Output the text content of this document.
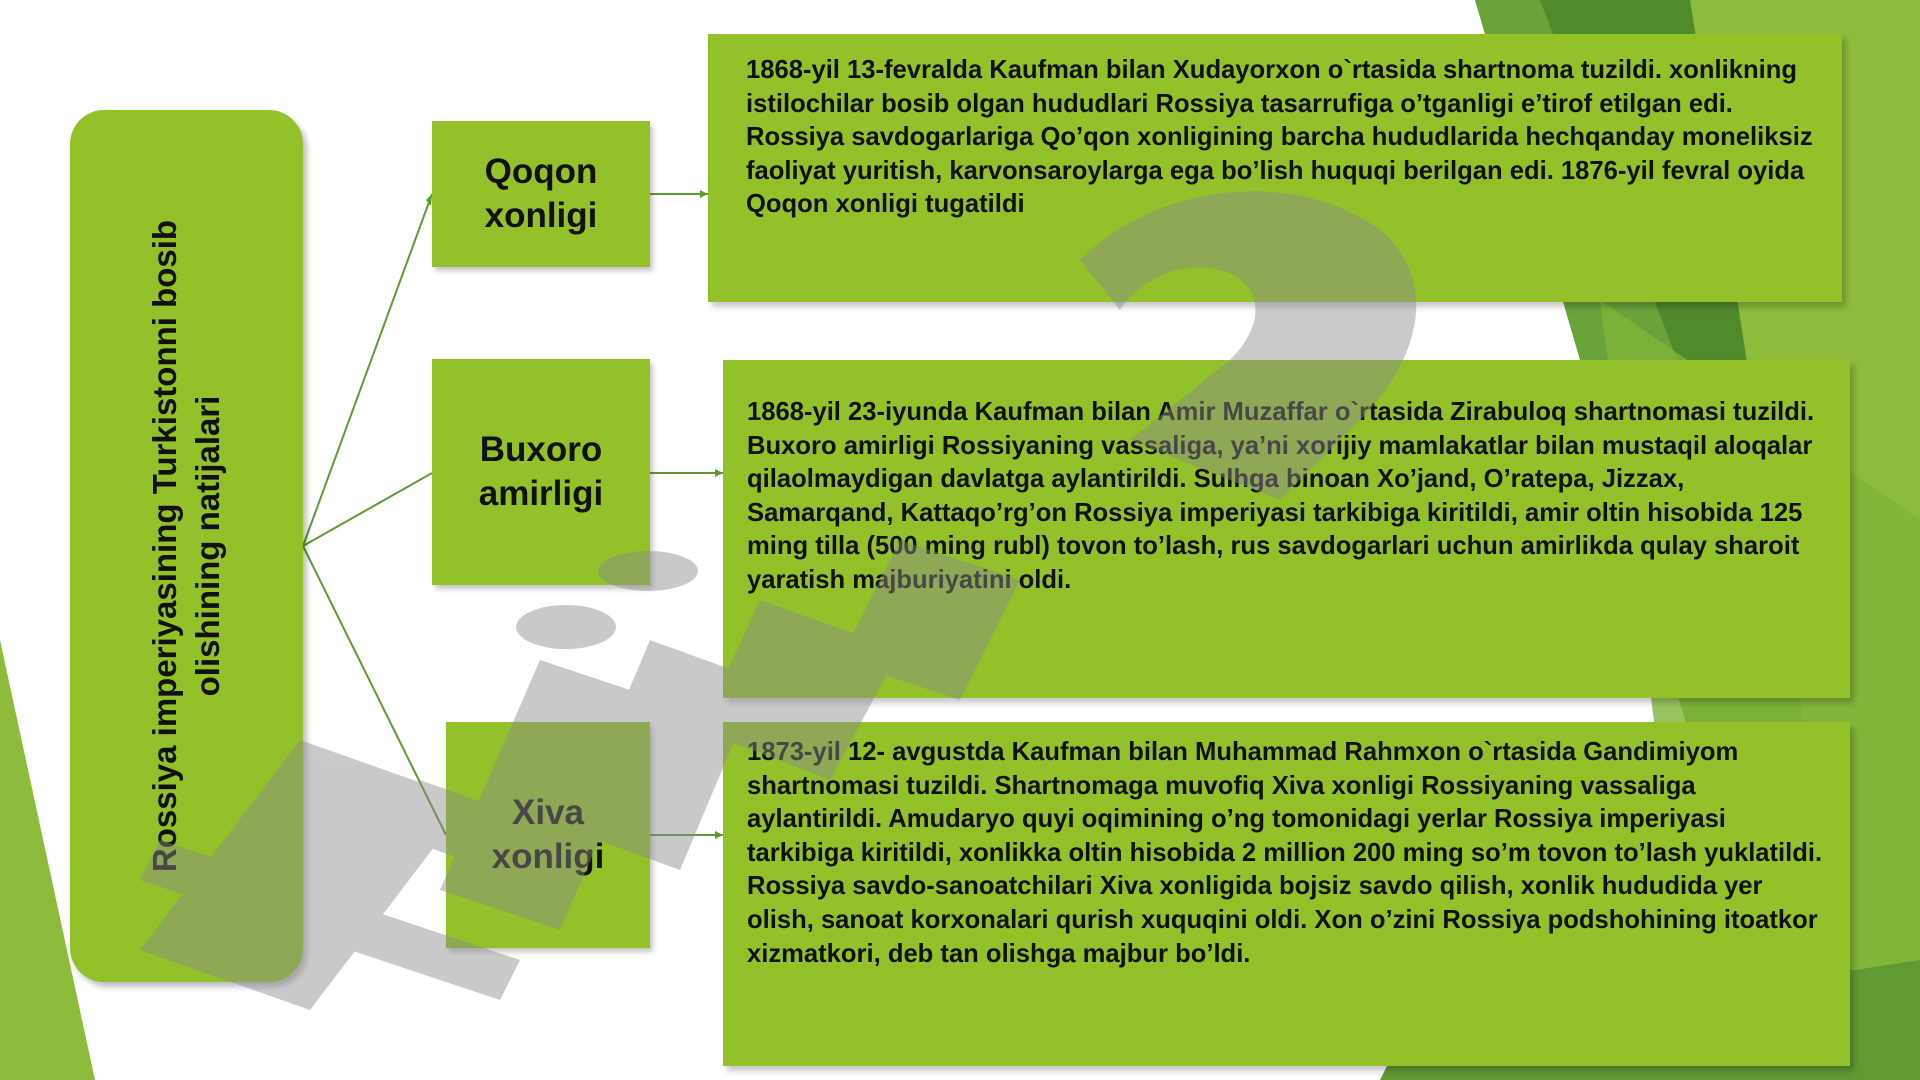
Rossiya imperiyasining Turkistonni bosib olishining natijalari
Qoqon xonligi
Buxoro amirligi
Xiva xonligi

1868-yil 13-fevralda Kaufman bilan Xudayorxon o`rtasida shartnoma tuzildi. xonlikning istilochilar bosib olgan hududlari Rossiya tasarrufiga o’tganligi e’tirof etilgan edi. Rossiya savdogarlariga Qo’qon xonligining barcha hududlarida hechqanday moneliksiz faoliyat yuritish, karvonsaroylarga ega bo’lish huquqi berilgan edi. 1876-yil fevral oyida Qoqon xonligi tugatildi

1868-yil 23-iyunda Kaufman bilan Amir Muzaffar o`rtasida Zirabuloq shartnomasi tuzildi. Buxoro amirligi Rossiyaning vassaliga, ya’ni xorijiy mamlakatlar bilan mustaqil aloqalar qilaolmaydigan davlatga aylantirildi. Sulhga binoan Xo’jand, O’ratepa, Jizzax, Samarqand, Kattaqo’rg’on Rossiya imperiyasi tarkibiga kiritildi, amir oltin hisobida 125 ming tilla (500 ming rubl) tovon to’lash, rus savdogarlari uchun amirlikda qulay sharoit yaratish majburiyatini oldi.

1873-yil 12- avgustda Kaufman bilan Muhammad Rahmxon o`rtasida Gandimiyom shartnomasi tuzildi. Shartnomaga muvofiq Xiva xonligi Rossiyaning vassaliga aylantirildi. Amudaryo quyi oqimining o’ng tomonidagi yerlar Rossiya imperiyasi tarkibiga kiritildi, xonlikka oltin hisobida 2 million 200 ming so’m tovon to’lash yuklatildi. Rossiya savdo-sanoatchilari Xiva xonligida bojsiz savdo qilish, xonlik hududida yer olish, sanoat korxonalari qurish xuquqini oldi. Xon o’zini Rossiya podshohining itoatkor xizmatkori, deb tan olishga majbur bo’ldi.
